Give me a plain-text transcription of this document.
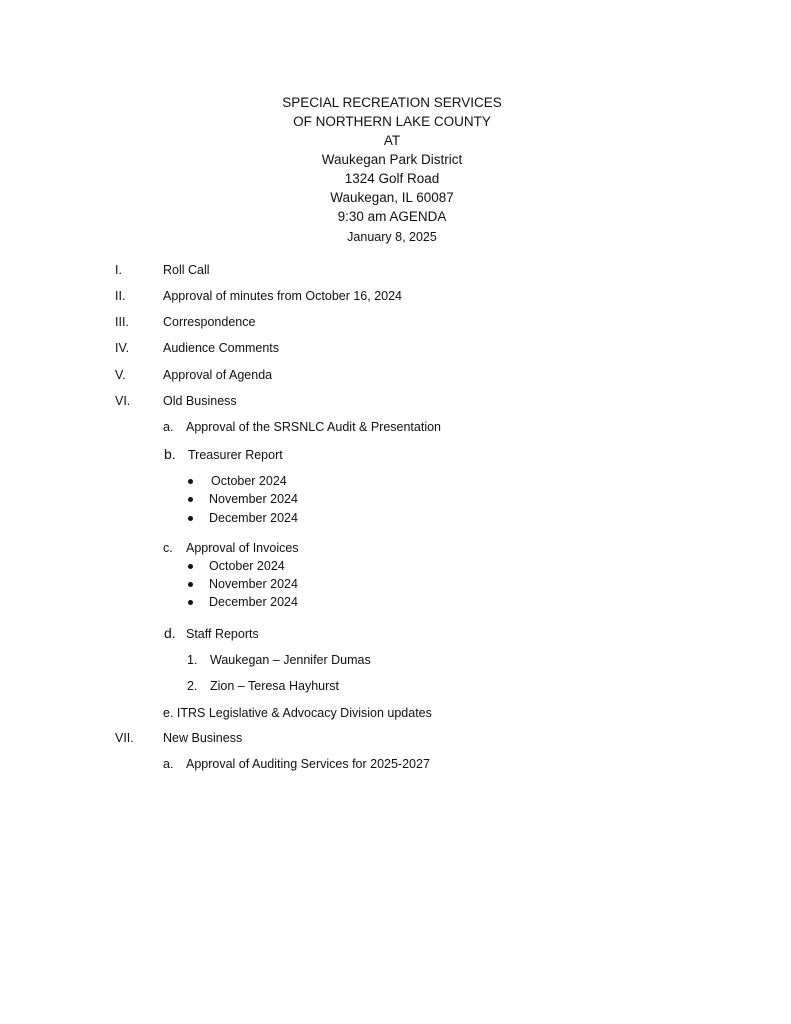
SPECIAL RECREATION SERVICES
OF NORTHERN LAKE COUNTY
AT
Waukegan Park District
1324 Golf Road
Waukegan, IL 60087
9:30 am AGENDA
January 8, 2025
I.	Roll Call
II.	Approval of minutes from October 16, 2024
III.	Correspondence
IV.	Audience Comments
V.	Approval of Agenda
VI.	Old Business
a. Approval of the SRSNLC Audit & Presentation
b. Treasurer Report
October 2024
November 2024
December 2024
c. Approval of Invoices
October 2024
November 2024
December 2024
d. Staff Reports
1. Waukegan – Jennifer Dumas
2. Zion – Teresa Hayhurst
e. ITRS Legislative & Advocacy Division updates
VII. New Business
a. Approval of Auditing Services for 2025-2027
